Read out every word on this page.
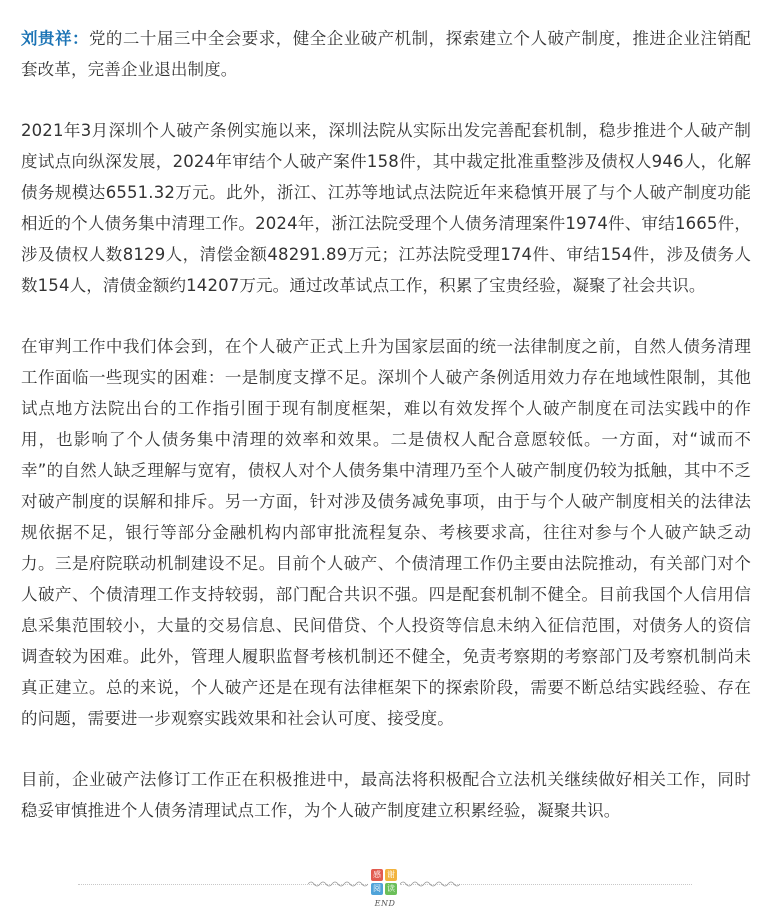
刘贵祥：党的二十届三中全会要求，健全企业破产机制，探索建立个人破产制度，推进企业注销配套改革，完善企业退出制度。

2021年3月深圳个人破产条例实施以来，深圳法院从实际出发完善配套机制，稳步推进个人破产制度试点向纵深发展，2024年审结个人破产案件158件，其中裁定批准重整涉及债权人946人，化解债务规模达6551.32万元。此外，浙江、江苏等地试点法院近年来稳慎开展了与个人破产制度功能相近的个人债务集中清理工作。2024年，浙江法院受理个人债务清理案件1974件、审结1665件，涉及债权人数8129人，清偿金额48291.89万元；江苏法院受理174件、审结154件，涉及债务人数154人，清债金额约14207万元。通过改革试点工作，积累了宝贵经验，凝聚了社会共识。

在审判工作中我们体会到，在个人破产正式上升为国家层面的统一法律制度之前，自然人债务清理工作面临一些现实的困难：一是制度支撑不足。深圳个人破产条例适用效力存在地域性限制，其他试点地方法院出台的工作指引囿于现有制度框架，难以有效发挥个人破产制度在司法实践中的作用，也影响了个人债务集中清理的效率和效果。二是债权人配合意愿较低。一方面，对“诚而不幸”的自然人缺乏理解与宽宥，债权人对个人债务集中清理乃至个人破产制度仍较为抵触，其中不乏对破产制度的误解和排斥。另一方面，针对涉及债务减免事项，由于与个人破产制度相关的法律法规依据不足，银行等部分金融机构内部审批流程复杂、考核要求高，往往对参与个人破产缺乏动力。三是府院联动机制建设不足。目前个人破产、个债清理工作仍主要由法院推动，有关部门对个人破产、个债清理工作支持较弱，部门配合共识不强。四是配套机制不健全。目前我国个人信用信息采集范围较小，大量的交易信息、民间借贷、个人投资等信息未纳入征信范围，对债务人的资信调查较为困难。此外，管理人履职监督考核机制还不健全，免责考察期的考察部门及考察机制尚未真正建立。总的来说，个人破产还是在现有法律框架下的探索阶段，需要不断总结实践经验、存在的问题，需要进一步观察实践效果和社会认可度、接受度。

目前，企业破产法修订工作正在积极推进中，最高法将积极配合立法机关继续做好相关工作，同时稳妥审慎推进个人债务清理试点工作，为个人破产制度建立积累经验，凝聚共识。

感 谢
阅 读
END
